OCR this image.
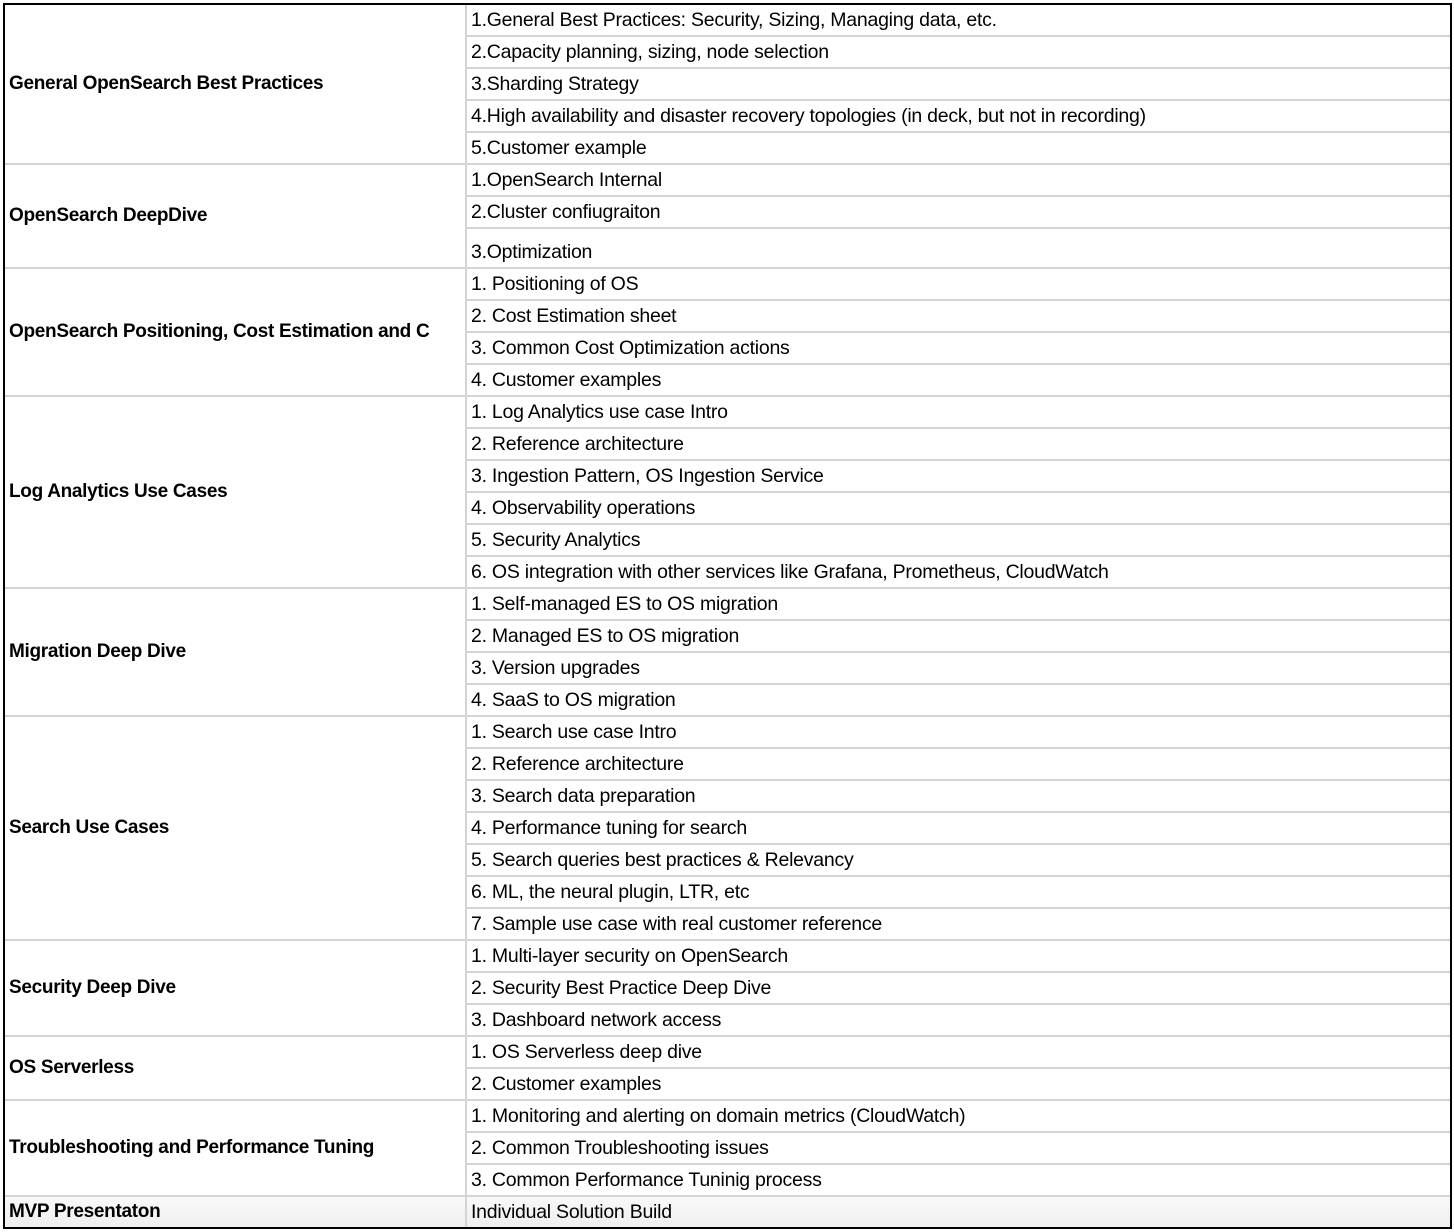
General OpenSearch Best Practices
1.General Best Practices: Security, Sizing, Managing data, etc.
2.Capacity planning, sizing, node selection
3.Sharding Strategy
4.High availability and disaster recovery topologies (in deck, but not in recording)
5.Customer example
OpenSearch DeepDive
1.OpenSearch Internal
2.Cluster confiugraiton
3.Optimization
OpenSearch Positioning, Cost Estimation and C
1. Positioning of OS
2. Cost Estimation sheet
3. Common Cost Optimization actions
4. Customer examples
Log Analytics Use Cases
1. Log Analytics use case Intro
2. Reference architecture
3. Ingestion Pattern, OS Ingestion Service
4. Observability operations
5. Security Analytics
6. OS integration with other services like Grafana, Prometheus, CloudWatch
Migration Deep Dive
1. Self-managed ES to OS migration
2. Managed ES to OS migration
3. Version upgrades
4. SaaS to OS migration
Search Use Cases
1. Search use case Intro
2. Reference architecture
3. Search data preparation
4. Performance tuning for search
5. Search queries best practices & Relevancy
6. ML, the neural plugin, LTR, etc
7. Sample use case with real customer reference
Security Deep Dive
1. Multi-layer security on OpenSearch
2. Security Best Practice Deep Dive
3. Dashboard network access
OS Serverless
1. OS Serverless deep dive
2. Customer examples
Troubleshooting and Performance Tuning
1. Monitoring and alerting on domain metrics (CloudWatch)
2. Common Troubleshooting issues
3. Common Performance Tuninig process
MVP Presentaton	Individual Solution Build
